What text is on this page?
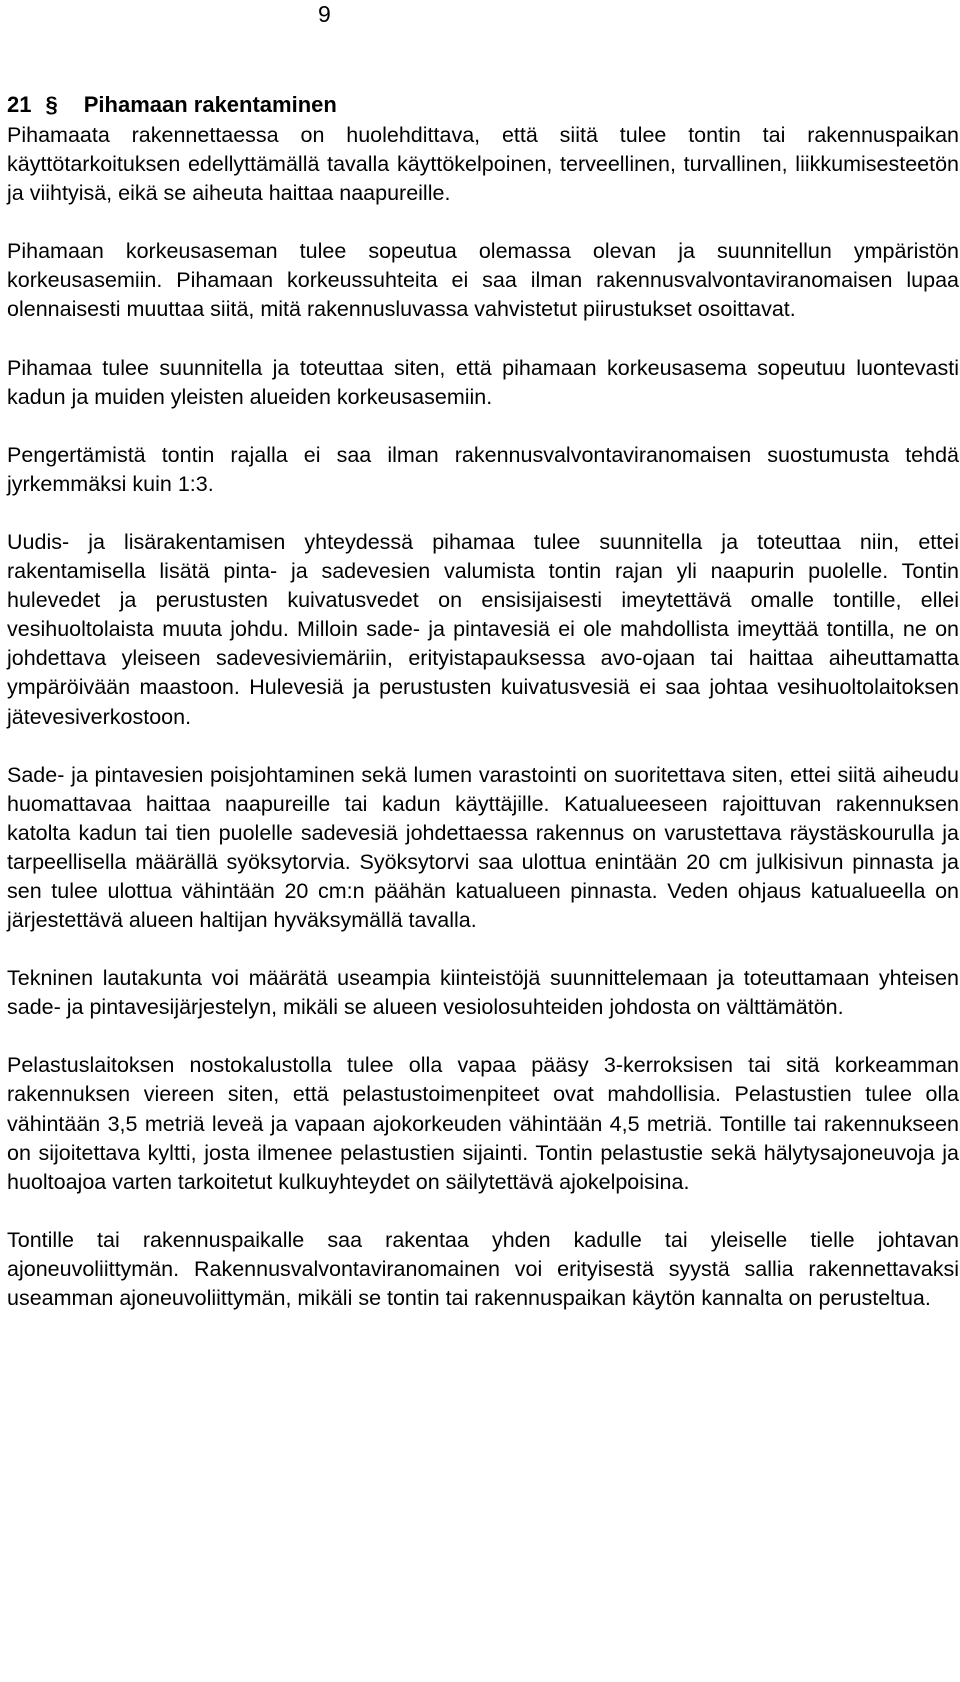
9
21 § Pihamaan rakentaminen

Pihamaata rakennettaessa on huolehdittava, että siitä tulee tontin tai rakennuspaikan käyttötarkoituksen edellyttämällä tavalla käyttökelpoinen, terveellinen, turvallinen, liikkumisesteetön ja viihtyisä, eikä se aiheuta haittaa naapureille.

Pihamaan korkeusaseman tulee sopeutua olemassa olevan ja suunnitellun ympäristön korkeusasemiin. Pihamaan korkeussuhteita ei saa ilman rakennusvalvontaviranomaisen lupaa olennaisesti muuttaa siitä, mitä rakennusluvassa vahvistetut piirustukset osoittavat.

Pihamaa tulee suunnitella ja toteuttaa siten, että pihamaan korkeusasema sopeutuu luontevasti kadun ja muiden yleisten alueiden korkeusasemiin.

Pengertämistä tontin rajalla ei saa ilman rakennusvalvontaviranomaisen suostumusta tehdä jyrkemmäksi kuin 1:3.

Uudis- ja lisärakentamisen yhteydessä pihamaa tulee suunnitella ja toteuttaa niin, ettei rakentamisella lisätä pinta- ja sadevesien valumista tontin rajan yli naapurin puolelle. Tontin hulevedet ja perustusten kuivatusvedet on ensisijaisesti imeytettävä omalle tontille, ellei vesihuoltolaista muuta johdu. Milloin sade- ja pintavesiä ei ole mahdollista imeyttää tontilla, ne on johdettava yleiseen sadevesiviemäriin, erityistapauksessa avo-ojaan tai haittaa aiheuttamatta ympäröivään maastoon. Hulevesiä ja perustusten kuivatusvesiä ei saa johtaa vesihuoltolaitoksen jätevesiverkostoon.

Sade- ja pintavesien poisjohtaminen sekä lumen varastointi on suoritettava siten, ettei siitä aiheudu huomattavaa haittaa naapureille tai kadun käyttäjille. Katualueeseen rajoittuvan rakennuksen katolta kadun tai tien puolelle sadevesiä johdettaessa rakennus on varustettava räystäskourulla ja tarpeellisella määrällä syöksytorvia. Syöksytorvi saa ulottua enintään 20 cm julkisivun pinnasta ja sen tulee ulottua vähintään 20 cm:n päähän katualueen pinnasta. Veden ohjaus katualueella on järjestettävä alueen haltijan hyväksymällä tavalla.

Tekninen lautakunta voi määrätä useampia kiinteistöjä suunnittelemaan ja toteuttamaan yhteisen sade- ja pintavesijärjestelyn, mikäli se alueen vesiolosuhteiden johdosta on välttämätön.

Pelastuslaitoksen nostokalustolla tulee olla vapaa pääsy 3-kerroksisen tai sitä korkeamman rakennuksen viereen siten, että pelastustoimenpiteet ovat mahdollisia. Pelastustien tulee olla vähintään 3,5 metriä leveä ja vapaan ajokorkeuden vähintään 4,5 metriä. Tontille tai rakennukseen on sijoitettava kyltti, josta ilmenee pelastustien sijainti. Tontin pelastustie sekä hälytysajoneuvoja ja huoltoajoa varten tarkoitetut kulkuyhteydet on säilytettävä ajokelpoisina.

Tontille tai rakennuspaikalle saa rakentaa yhden kadulle tai yleiselle tielle johtavan ajoneuvoliittymän. Rakennusvalvontaviranomainen voi erityisestä syystä sallia rakennettavaksi useamman ajoneuvoliittymän, mikäli se tontin tai rakennuspaikan käytön kannalta on perusteltua.
